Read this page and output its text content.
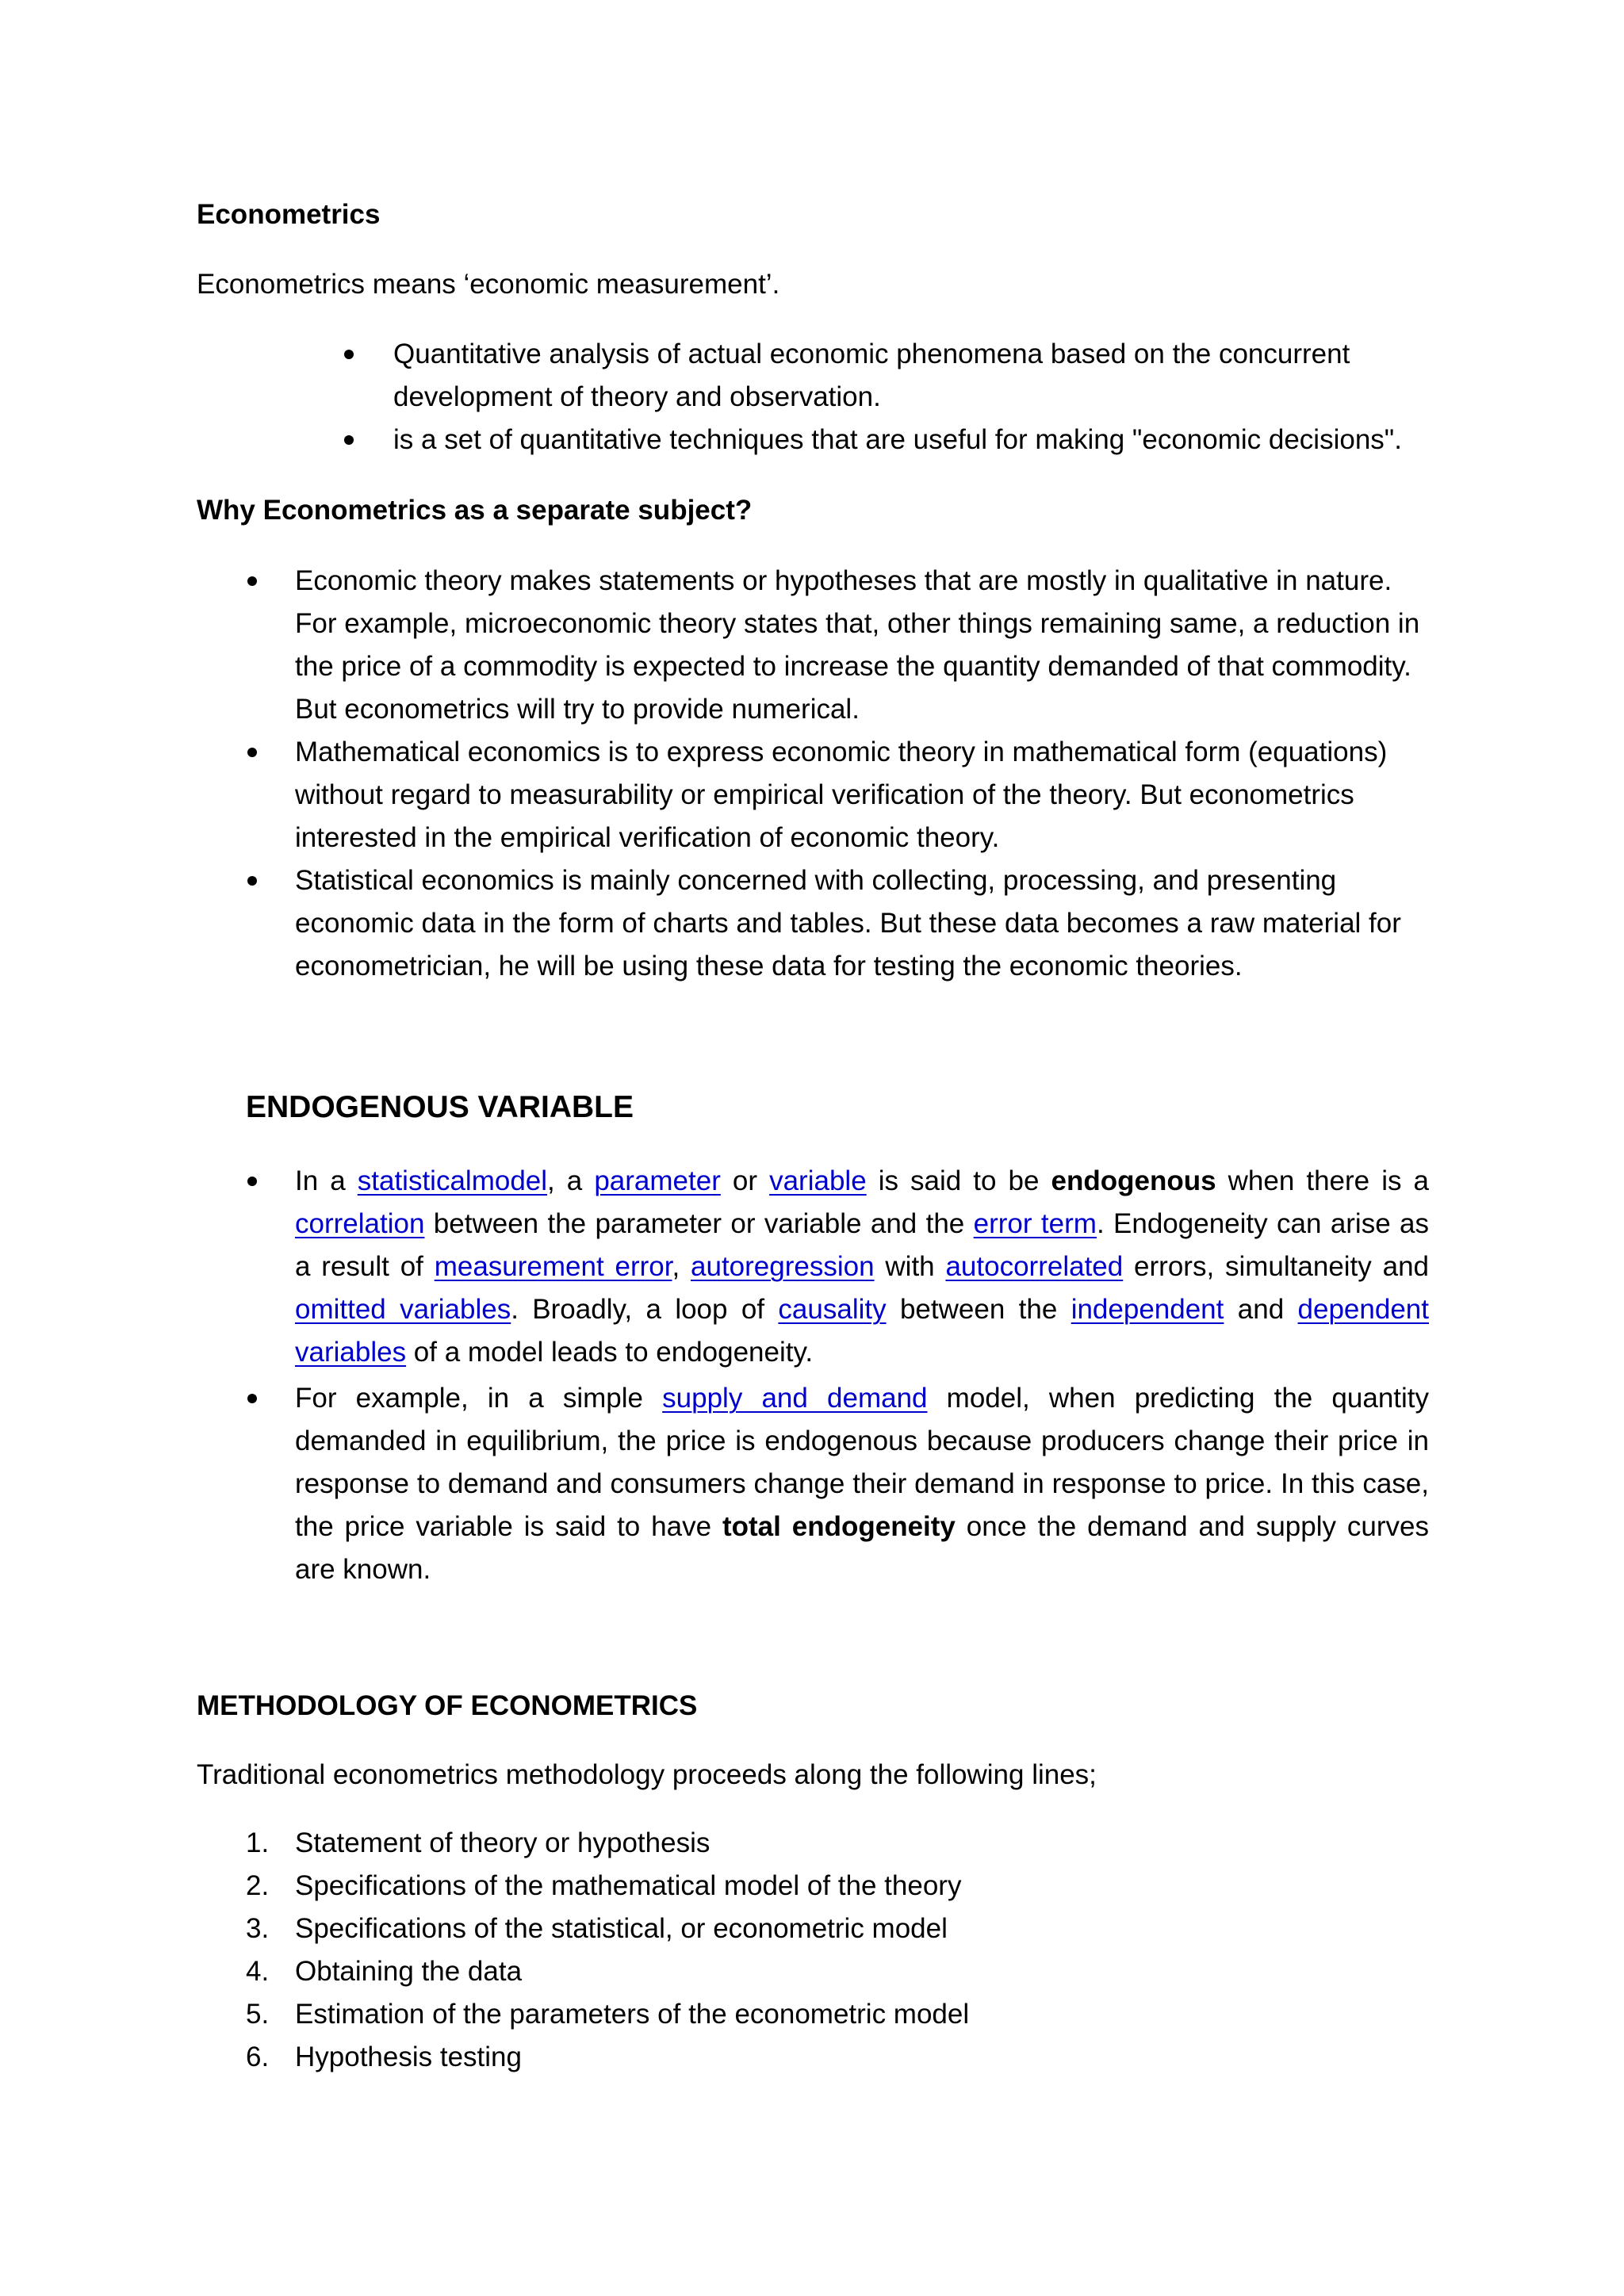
Econometrics

Econometrics means ‘economic measurement’.

Quantitative analysis of actual economic phenomena based on the concurrent development of theory and observation.
is a set of quantitative techniques that are useful for making "economic decisions".
Why Econometrics as a separate subject?
Economic theory makes statements or hypotheses that are mostly in qualitative in nature. For example, microeconomic theory states that, other things remaining same, a reduction in the price of a commodity is expected to increase the quantity demanded of that commodity. But econometrics will try to provide numerical.
Mathematical economics is to express economic theory in mathematical form (equations) without regard to measurability or empirical verification of the theory. But econometrics interested in the empirical verification of economic theory.
Statistical economics is mainly concerned with collecting, processing, and presenting economic data in the form of charts and tables. But these data becomes a raw material for econometrician, he will be using these data for testing the economic theories.
ENDOGENOUS VARIABLE
In a statisticalmodel, a parameter or variable is said to be endogenous when there is a correlation between the parameter or variable and the error term. Endogeneity can arise as a result of measurement error, autoregression with autocorrelated errors, simultaneity and omitted variables. Broadly, a loop of causality between the independent and dependent variables of a model leads to endogeneity.
For example, in a simple supply and demand model, when predicting the quantity demanded in equilibrium, the price is endogenous because producers change their price in response to demand and consumers change their demand in response to price. In this case, the price variable is said to have total endogeneity once the demand and supply curves are known.
METHODOLOGY OF ECONOMETRICS

Traditional econometrics methodology proceeds along the following lines;

1. Statement of theory or hypothesis
2. Specifications of the mathematical model of the theory
3. Specifications of the statistical, or econometric model
4. Obtaining the data
5. Estimation of the parameters of the econometric model
6. Hypothesis testing
